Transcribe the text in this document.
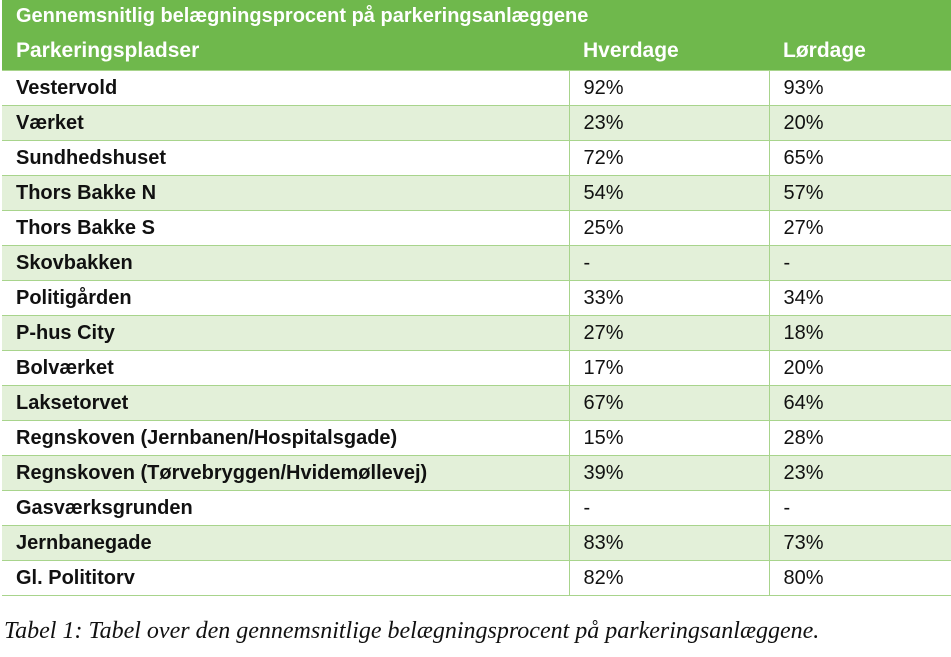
Gennemsnitlig belægningsprocent på parkeringsanlæggene
Parkeringspladser	Hverdage	Lørdage
Vestervold	92%	93%
Værket	23%	20%
Sundhedshuset	72%	65%
Thors Bakke N	54%	57%
Thors Bakke S	25%	27%
Skovbakken	-	-
Politigården	33%	34%
P-hus City	27%	18%
Bolværket	17%	20%
Laksetorvet	67%	64%
Regnskoven (Jernbanen/Hospitalsgade)	15%	28%
Regnskoven (Tørvebryggen/Hvidemøllevej)	39%	23%
Gasværksgrunden	-	-
Jernbanegade	83%	73%
Gl. Polititorv	82%	80%
Tabel 1: Tabel over den gennemsnitlige belægningsprocent på parkeringsanlæggene.
